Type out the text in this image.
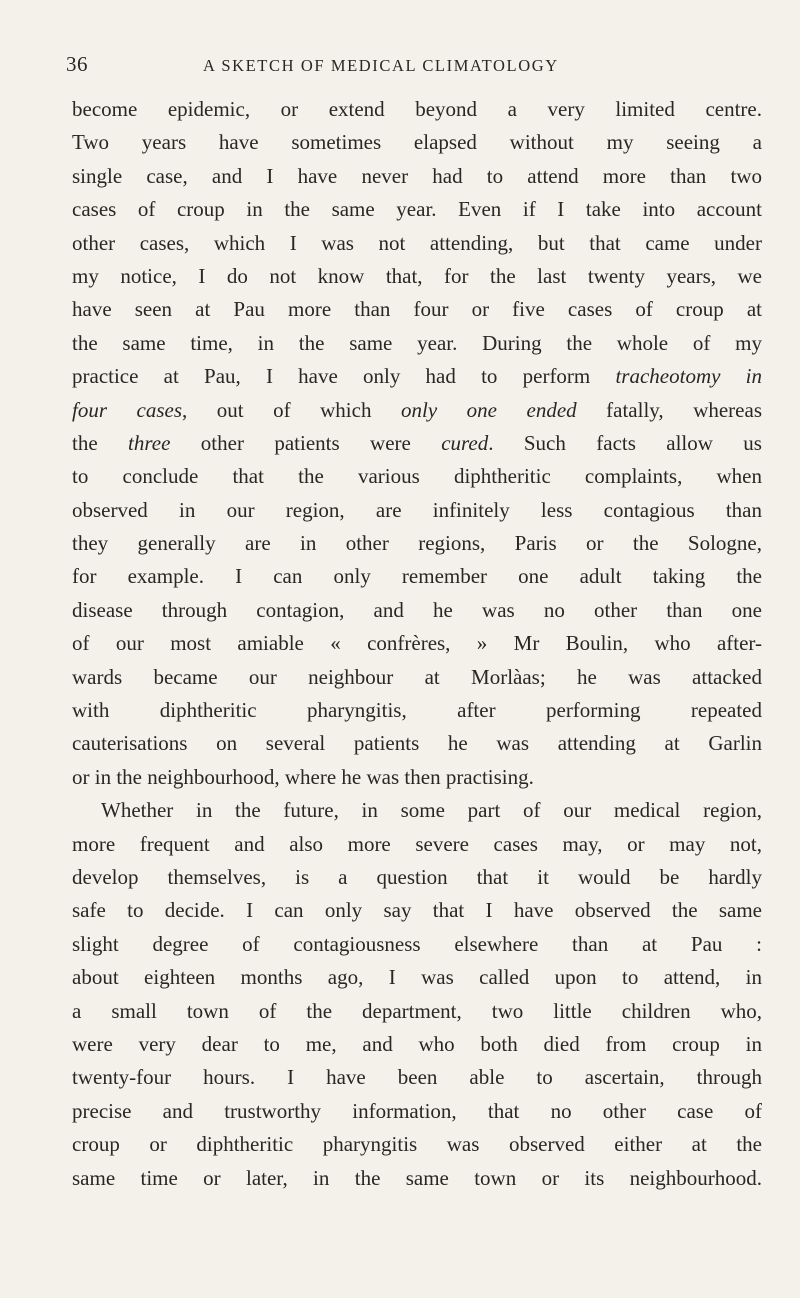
36	A SKETCH OF MEDICAL CLIMATOLOGY
become epidemic, or extend beyond a very limited centre.
Two years have sometimes elapsed without my seeing a
single case, and I have never had to attend more than two
cases of croup in the same year. Even if I take into account
other cases, which I was not attending, but that came under
my notice, I do not know that, for the last twenty years, we
have seen at Pau more than four or five cases of croup at
the same time, in the same year. During the whole of my
practice at Pau, I have only had to perform tracheotomy in
four cases, out of which only one ended fatally, whereas
the three other patients were cured. Such facts allow us
to conclude that the various diphtheritic complaints, when
observed in our region, are infinitely less contagious than
they generally are in other regions, Paris or the Sologne,
for example. I can only remember one adult taking the
disease through contagion, and he was no other than one
of our most amiable « confrères, » Mr Boulin, who after-
wards became our neighbour at Morlàas; he was attacked
with diphtheritic pharyngitis, after performing repeated
cauterisations on several patients he was attending at Garlin
or in the neighbourhood, where he was then practising.
Whether in the future, in some part of our medical region,
more frequent and also more severe cases may, or may not,
develop themselves, is a question that it would be hardly
safe to decide. I can only say that I have observed the same
slight degree of contagiousness elsewhere than at Pau :
about eighteen months ago, I was called upon to attend, in
a small town of the department, two little children who,
were very dear to me, and who both died from croup in
twenty-four hours. I have been able to ascertain, through
precise and trustworthy information, that no other case of
croup or diphtheritic pharyngitis was observed either at the
same time or later, in the same town or its neighbourhood.
